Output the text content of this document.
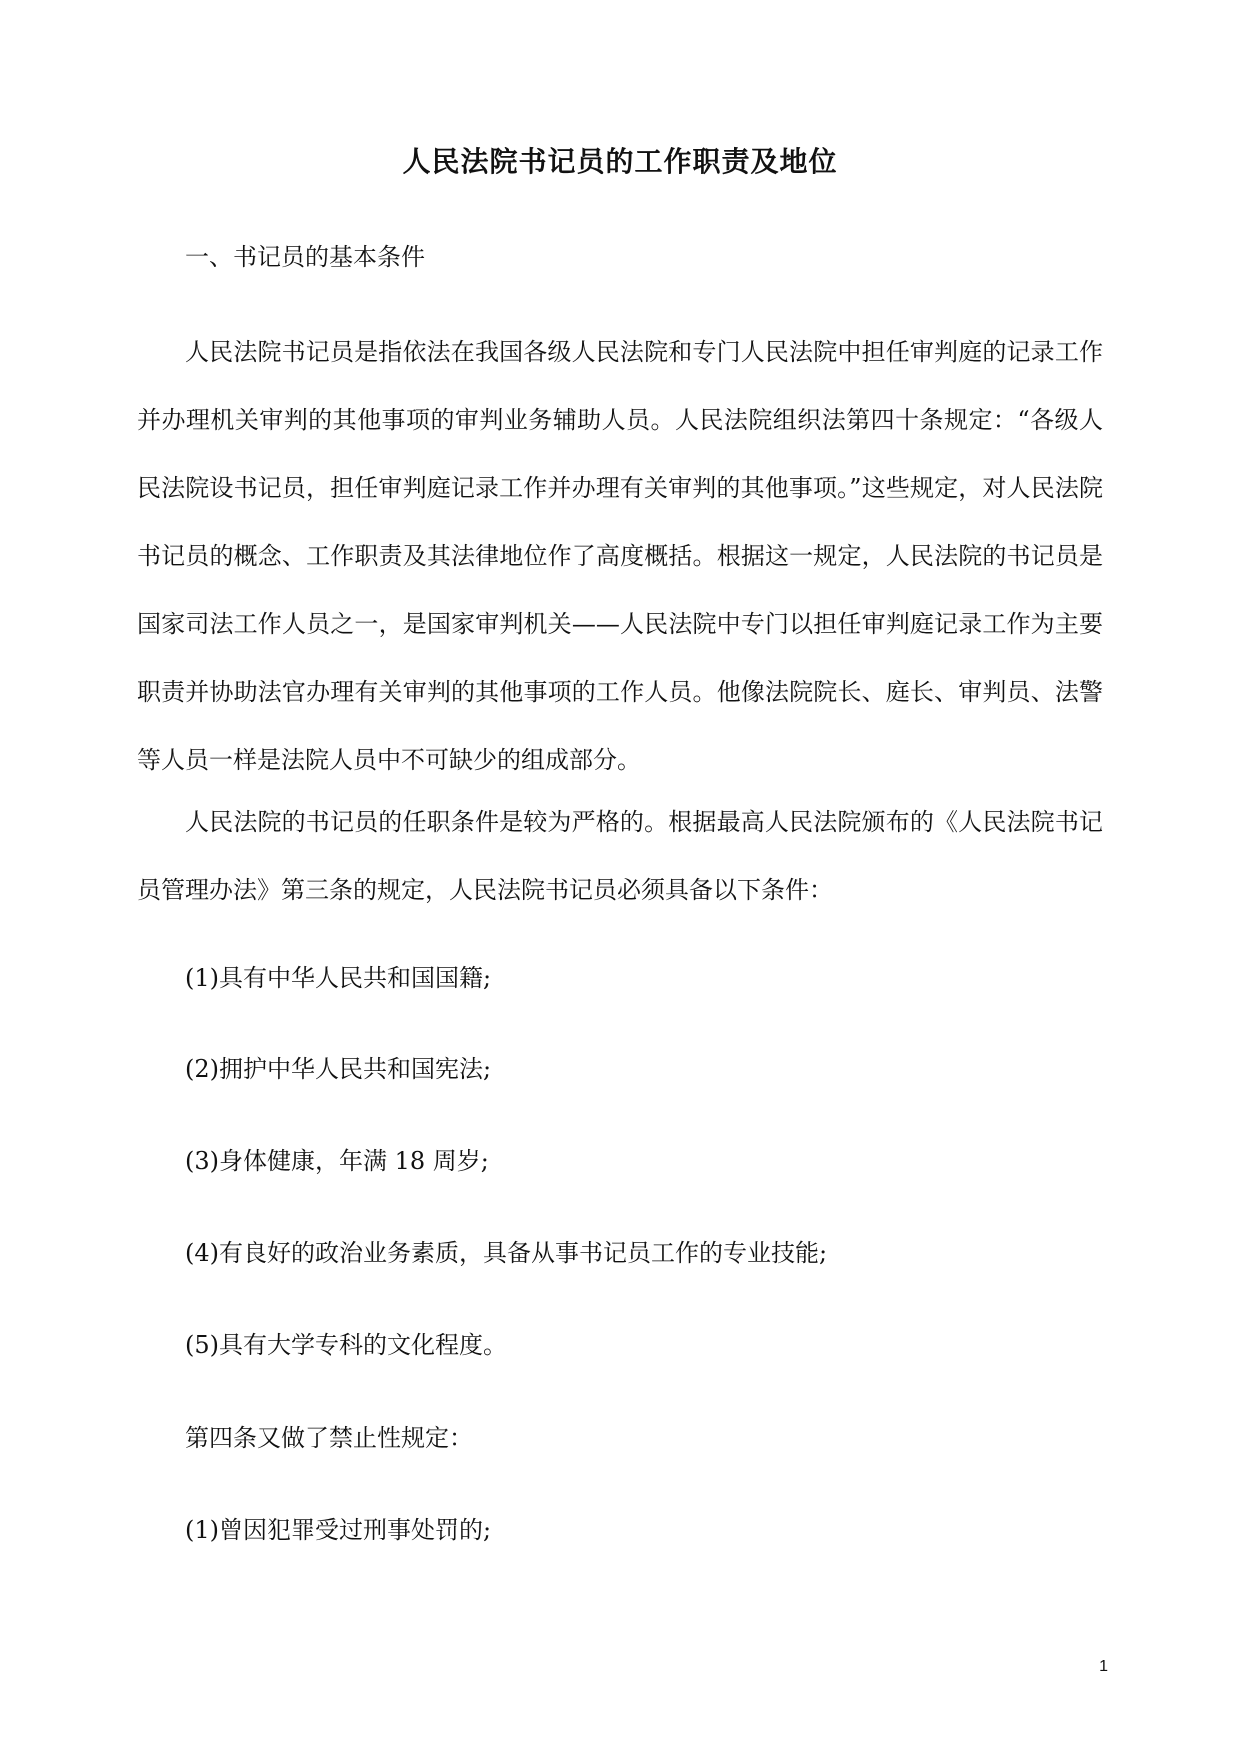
人民法院书记员的工作职责及地位
一、书记员的基本条件
人民法院书记员是指依法在我国各级人民法院和专门人民法院中担任审判庭的记录工作并办理机关审判的其他事项的审判业务辅助人员。人民法院组织法第四十条规定：“各级人民法院设书记员，担任审判庭记录工作并办理有关审判的其他事项。”这些规定，对人民法院书记员的概念、工作职责及其法律地位作了高度概括。根据这一规定，人民法院的书记员是国家司法工作人员之一，是国家审判机关——人民法院中专门以担任审判庭记录工作为主要职责并协助法官办理有关审判的其他事项的工作人员。他像法院院长、庭长、审判员、法警等人员一样是法院人员中不可缺少的组成部分。
人民法院的书记员的任职条件是较为严格的。根据最高人民法院颁布的《人民法院书记员管理办法》第三条的规定，人民法院书记员必须具备以下条件：
(1)具有中华人民共和国国籍;
(2)拥护中华人民共和国宪法;
(3)身体健康，年满 18 周岁;
(4)有良好的政治业务素质，具备从事书记员工作的专业技能;
(5)具有大学专科的文化程度。
第四条又做了禁止性规定：
(1)曾因犯罪受过刑事处罚的;
1
